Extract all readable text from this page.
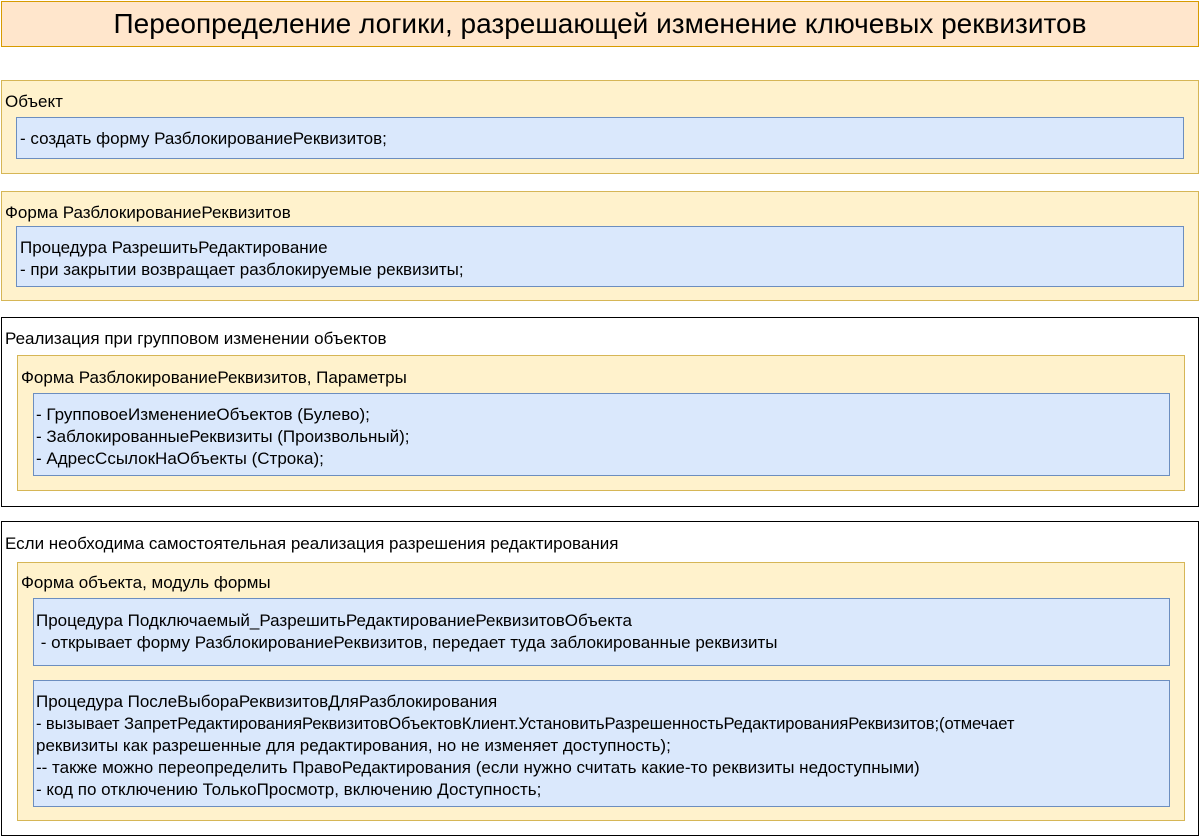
Переопределение логики, разрешающей изменение ключевых реквизитов
Объект
- создать форму РазблокированиеРеквизитов;
Форма РазблокированиеРеквизитов
Процедура РазрешитьРедактирование
- при закрытии возвращает разблокируемые реквизиты;
Реализация при групповом изменении объектов
Форма РазблокированиеРеквизитов, Параметры
- ГрупповоеИзменениеОбъектов (Булево);
- ЗаблокированныеРеквизиты (Произвольный);
- АдресСсылокНаОбъекты (Строка);
Если необходима самостоятельная реализация разрешения редактирования
Форма объекта, модуль формы
Процедура Подключаемый_РазрешитьРедактированиеРеквизитовОбъекта
- открывает форму РазблокированиеРеквизитов, передает туда заблокированные реквизиты
Процедура ПослеВыбораРеквизитовДляРазблокирования
- вызывает ЗапретРедактированияРеквизитовОбъектовКлиент.УстановитьРазрешенностьРедактированияРеквизитов;(отмечает
реквизиты как разрешенные для редактирования, но не изменяет доступность);
-- также можно переопределить ПравоРедактирования (если нужно считать какие-то реквизиты недоступными)
- код по отключению ТолькоПросмотр, включению Доступность;
